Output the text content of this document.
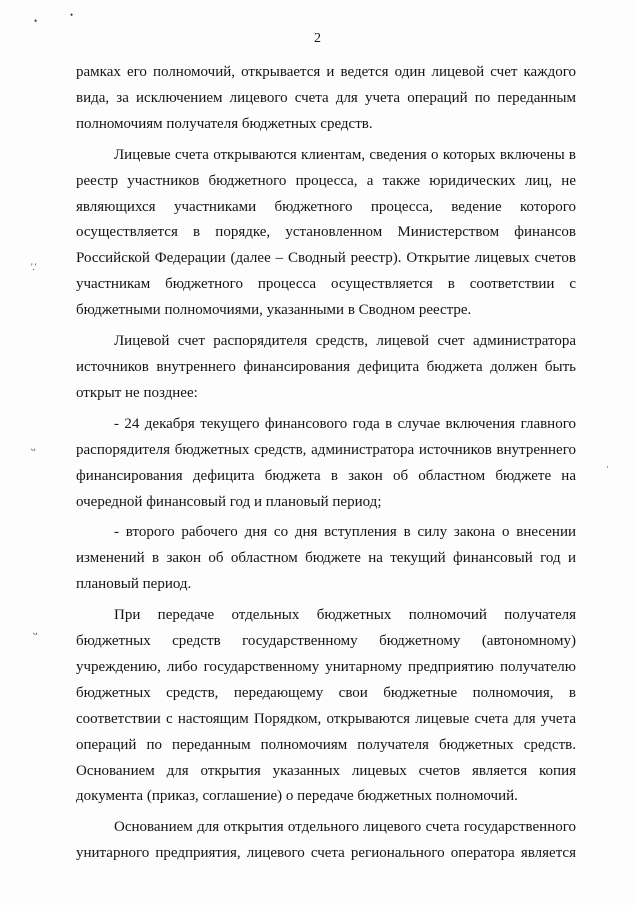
•
•
'.'
ᴗ
ᴗ
·
2

рамках его полномочий, открывается и ведется один лицевой счет каждого
вида, за исключением лицевого счета для учета операций по переданным
полномочиям получателя бюджетных средств.

Лицевые счета открываются клиентам, сведения о которых включены в
реестр участников бюджетного процесса, а также юридических лиц, не
являющихся участниками бюджетного процесса, ведение которого
осуществляется в порядке, установленном Министерством финансов
Российской Федерации (далее – Сводный реестр). Открытие лицевых счетов
участникам бюджетного процесса осуществляется в соответствии с
бюджетными полномочиями, указанными в Сводном реестре.

Лицевой счет распорядителя средств, лицевой счет администратора
источников внутреннего финансирования дефицита бюджета должен быть
открыт не позднее:

- 24 декабря текущего финансового года в случае включения главного
распорядителя бюджетных средств, администратора источников внутреннего
финансирования дефицита бюджета в закон об областном бюджете на
очередной финансовый год и плановый период;

- второго рабочего дня со дня вступления в силу закона о внесении
изменений в закон об областном бюджете на текущий финансовый год и
плановый период.

При передаче отдельных бюджетных полномочий получателя
бюджетных средств государственному бюджетному (автономному)
учреждению, либо государственному унитарному предприятию получателю
бюджетных средств, передающему свои бюджетные полномочия, в
соответствии с настоящим Порядком, открываются лицевые счета для учета
операций по переданным полномочиям получателя бюджетных средств.
Основанием для открытия указанных лицевых счетов является копия
документа (приказ, соглашение) о передаче бюджетных полномочий.

Основанием для открытия отдельного лицевого счета государственного
унитарного предприятия, лицевого счета регионального оператора является
